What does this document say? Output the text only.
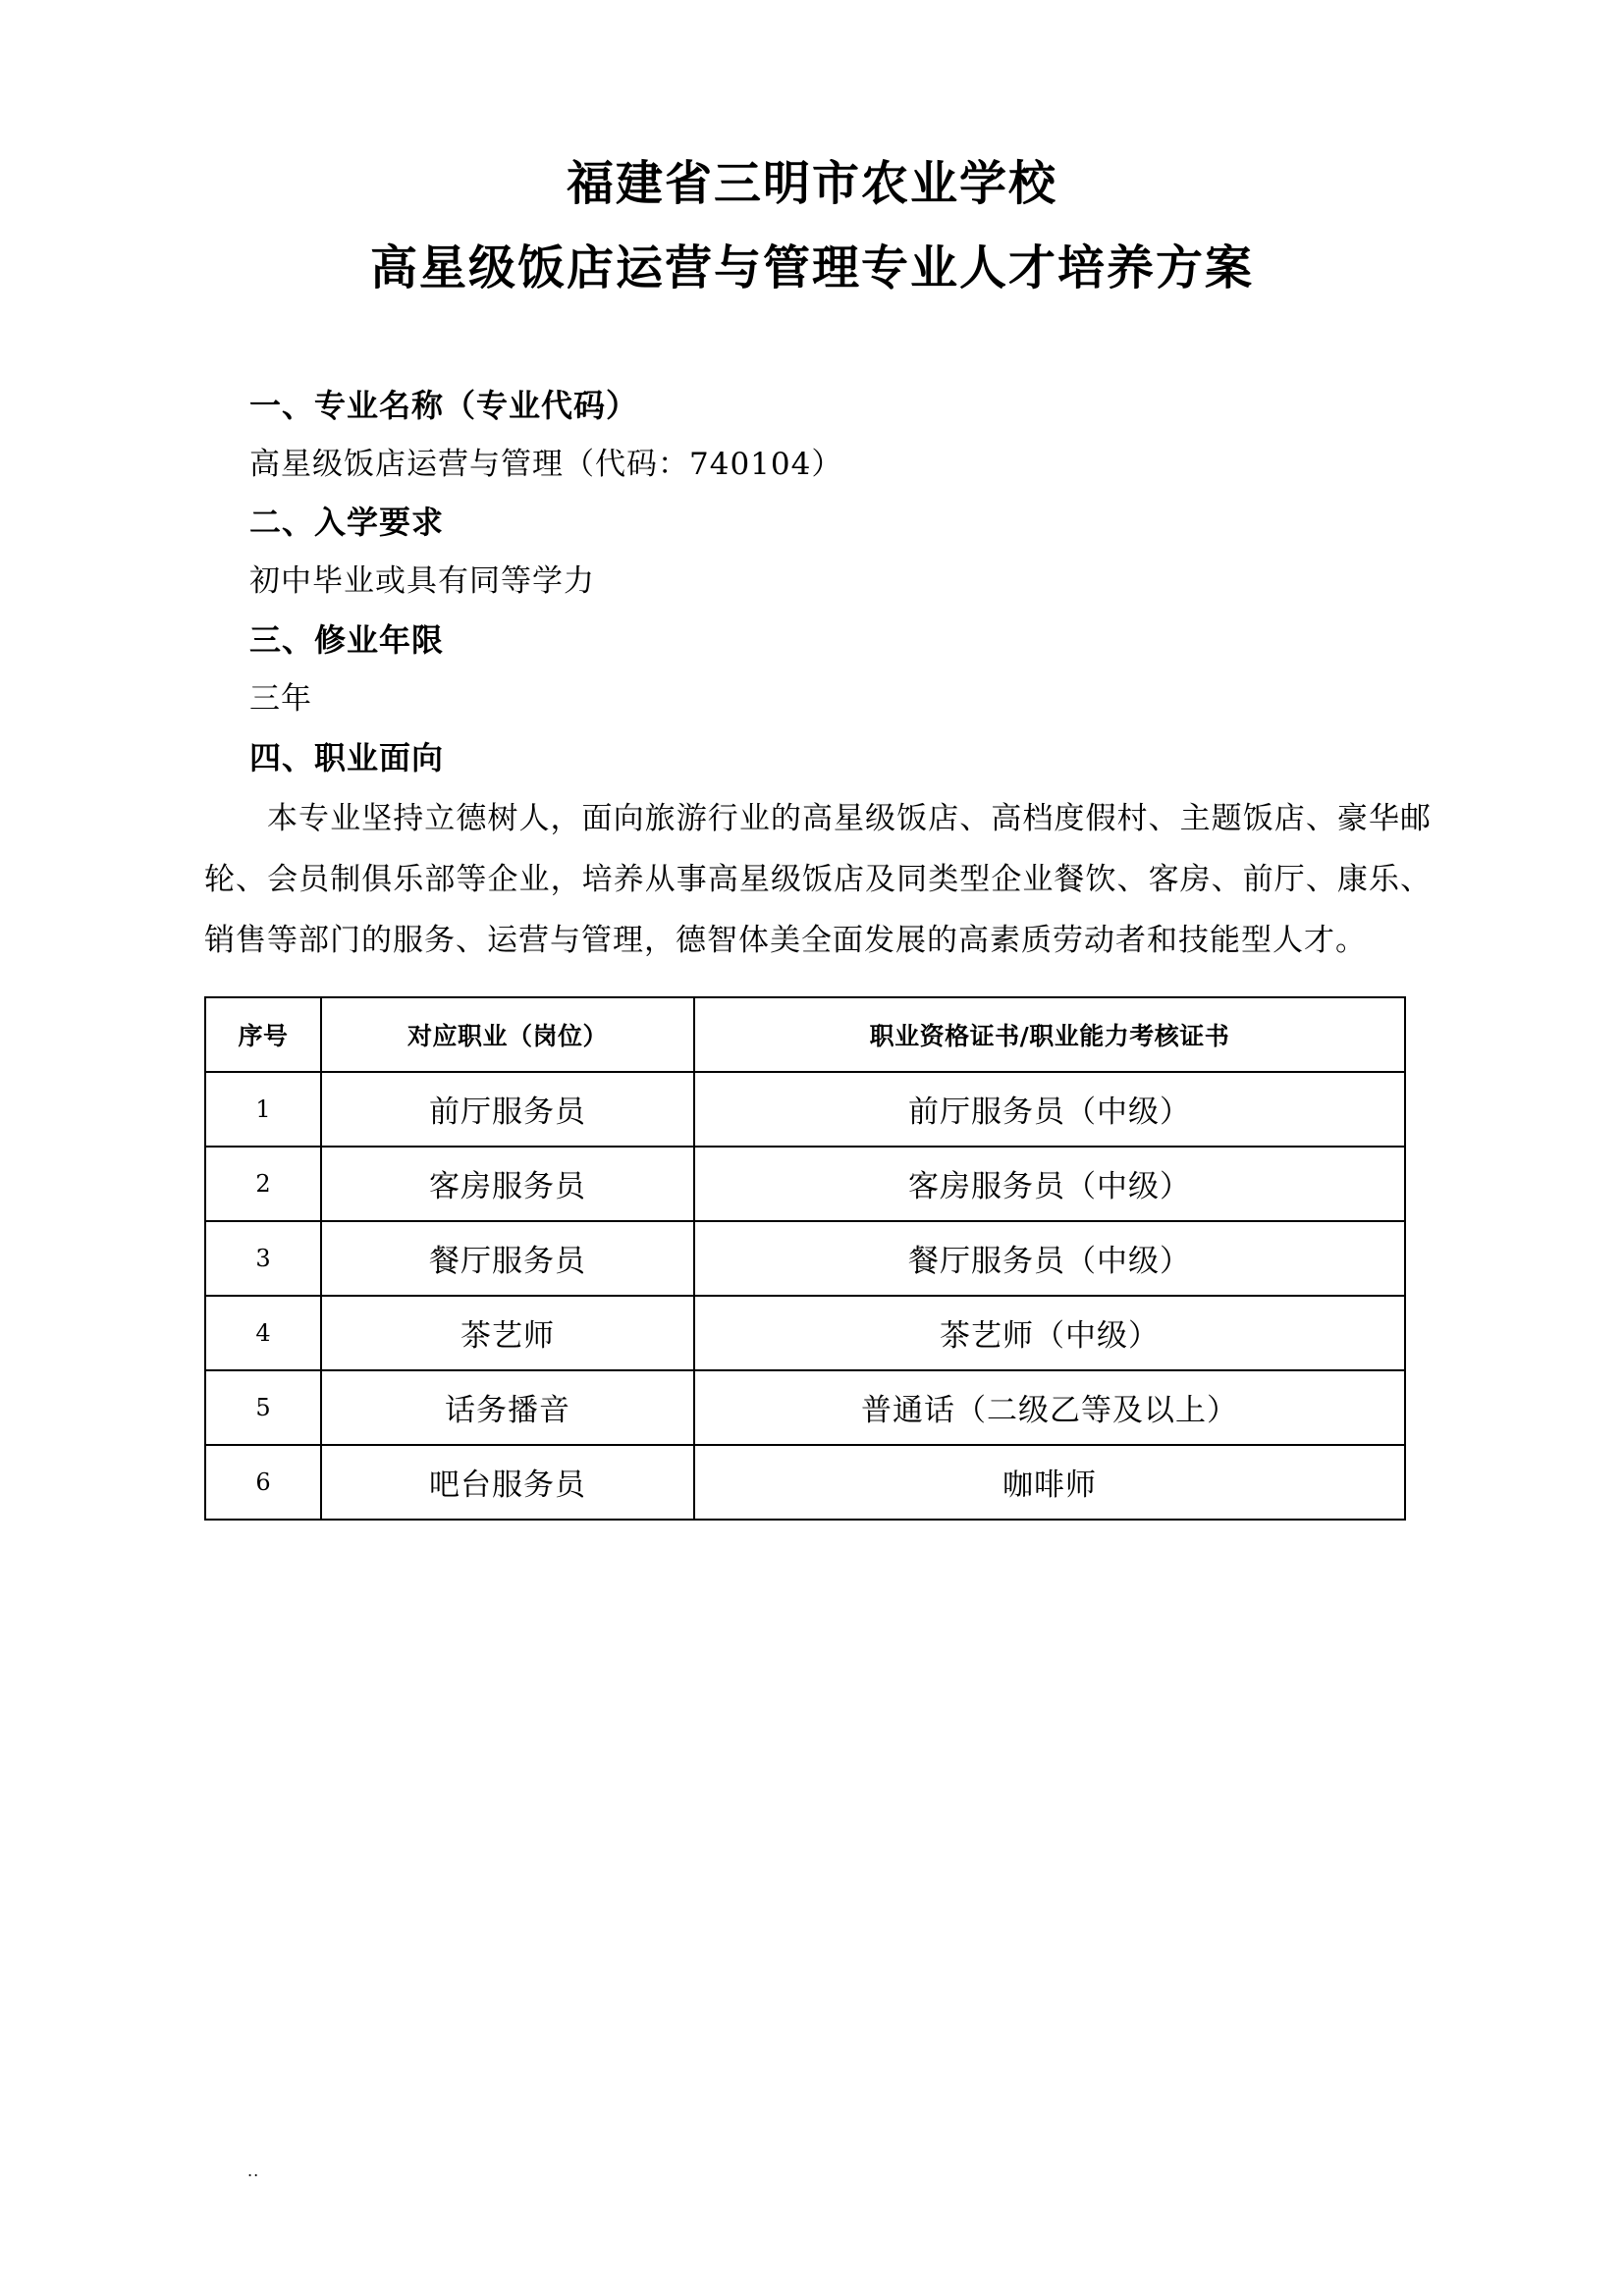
福建省三明市农业学校
高星级饭店运营与管理专业人才培养方案
一、专业名称（专业代码）
高星级饭店运营与管理（代码：740104）
二、入学要求
初中毕业或具有同等学力
三、修业年限
三年
四、职业面向
本专业坚持立德树人，面向旅游行业的高星级饭店、高档度假村、主题饭店、豪华邮轮、会员制俱乐部等企业，培养从事高星级饭店及同类型企业餐饮、客房、前厅、康乐、销售等部门的服务、运营与管理，德智体美全面发展的高素质劳动者和技能型人才。
序号	对应职业（岗位）	职业资格证书/职业能力考核证书
1	前厅服务员	前厅服务员（中级）
2	客房服务员	客房服务员（中级）
3	餐厅服务员	餐厅服务员（中级）
4	茶艺师	茶艺师（中级）
5	话务播音	普通话（二级乙等及以上）
6	吧台服务员	咖啡师
..
